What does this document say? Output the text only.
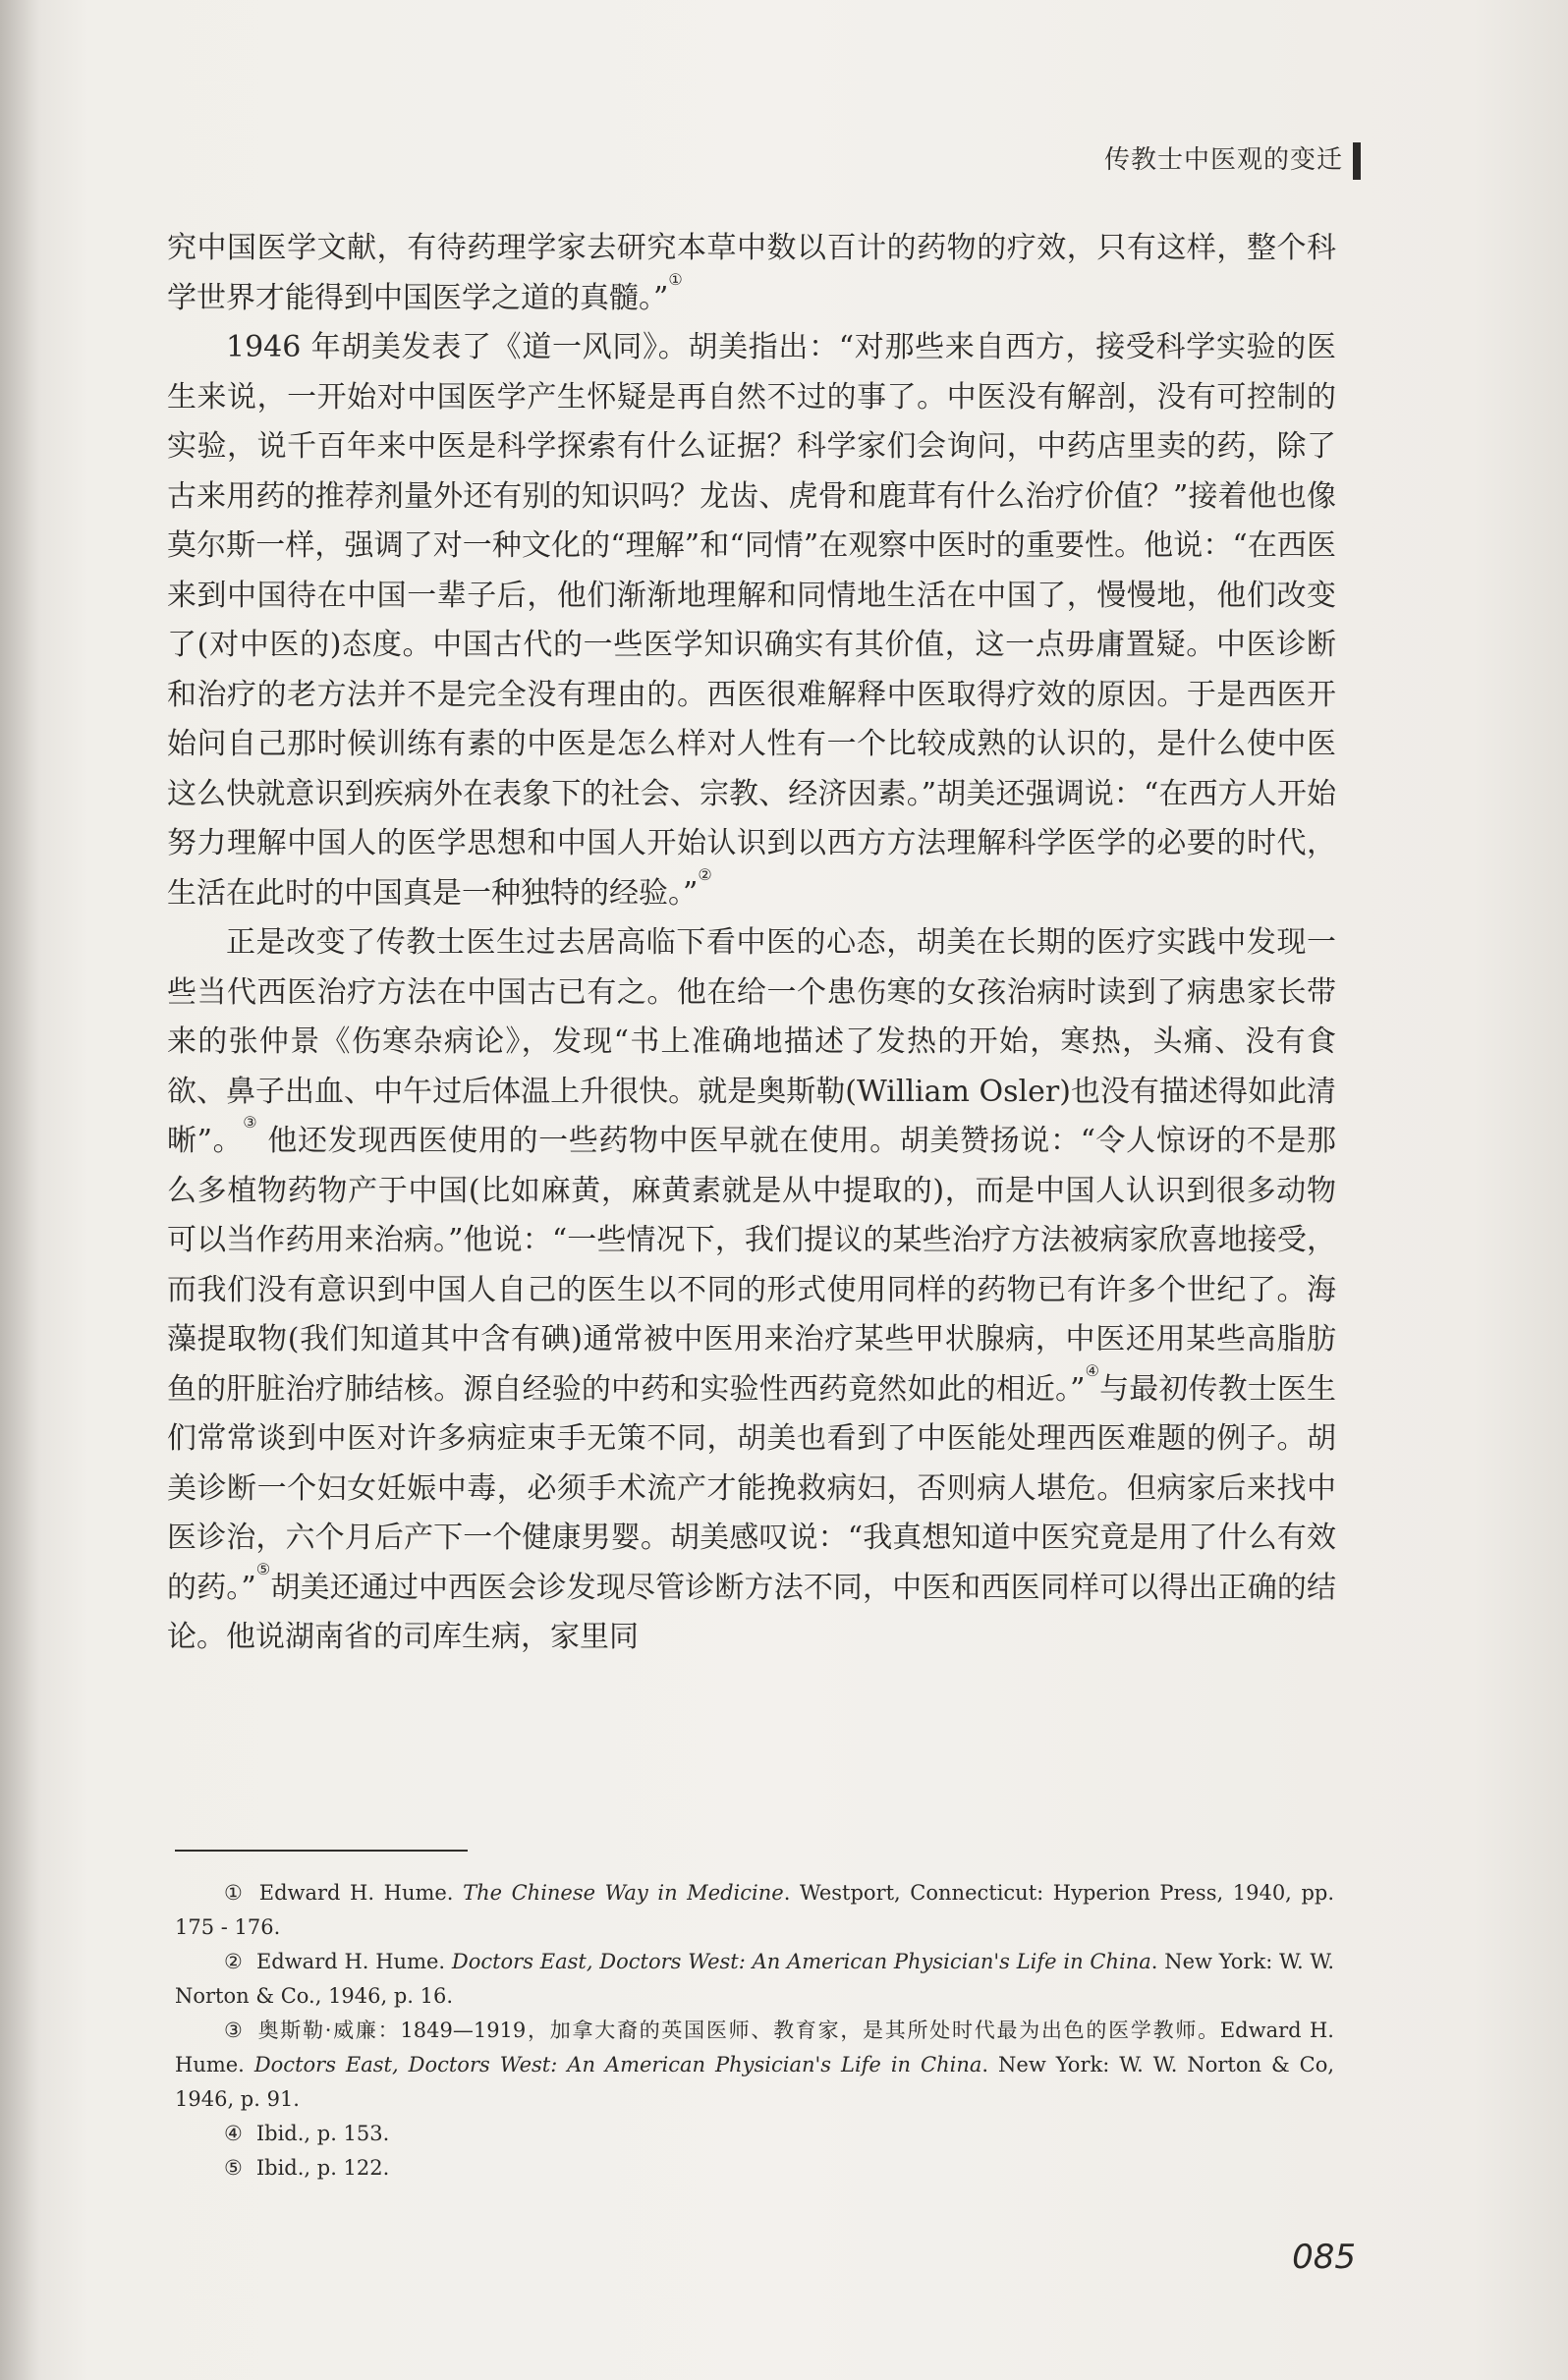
传教士中医观的变迁

究中国医学文献，有待药理学家去研究本草中数以百计的药物的疗效，只有这样，整个科学世界才能得到中国医学之道的真髓。”①

1946 年胡美发表了《道一风同》。胡美指出：“对那些来自西方，接受科学实验的医生来说，一开始对中国医学产生怀疑是再自然不过的事了。中医没有解剖，没有可控制的实验，说千百年来中医是科学探索有什么证据？科学家们会询问，中药店里卖的药，除了古来用药的推荐剂量外还有别的知识吗？龙齿、虎骨和鹿茸有什么治疗价值？”接着他也像莫尔斯一样，强调了对一种文化的“理解”和“同情”在观察中医时的重要性。他说：“在西医来到中国待在中国一辈子后，他们渐渐地理解和同情地生活在中国了，慢慢地，他们改变了(对中医的)态度。中国古代的一些医学知识确实有其价值，这一点毋庸置疑。中医诊断和治疗的老方法并不是完全没有理由的。西医很难解释中医取得疗效的原因。于是西医开始问自己那时候训练有素的中医是怎么样对人性有一个比较成熟的认识的，是什么使中医这么快就意识到疾病外在表象下的社会、宗教、经济因素。”胡美还强调说：“在西方人开始努力理解中国人的医学思想和中国人开始认识到以西方方法理解科学医学的必要的时代，生活在此时的中国真是一种独特的经验。”②

正是改变了传教士医生过去居高临下看中医的心态，胡美在长期的医疗实践中发现一些当代西医治疗方法在中国古已有之。他在给一个患伤寒的女孩治病时读到了病患家长带来的张仲景《伤寒杂病论》，发现“书上准确地描述了发热的开始，寒热，头痛、没有食欲、鼻子出血、中午过后体温上升很快。就是奥斯勒(William Osler)也没有描述得如此清晰”。③ 他还发现西医使用的一些药物中医早就在使用。胡美赞扬说：“令人惊讶的不是那么多植物药物产于中国(比如麻黄，麻黄素就是从中提取的)，而是中国人认识到很多动物可以当作药用来治病。”他说：“一些情况下，我们提议的某些治疗方法被病家欣喜地接受，而我们没有意识到中国人自己的医生以不同的形式使用同样的药物已有许多个世纪了。海藻提取物(我们知道其中含有碘)通常被中医用来治疗某些甲状腺病，中医还用某些高脂肪鱼的肝脏治疗肺结核。源自经验的中药和实验性西药竟然如此的相近。”④与最初传教士医生们常常谈到中医对许多病症束手无策不同，胡美也看到了中医能处理西医难题的例子。胡美诊断一个妇女妊娠中毒，必须手术流产才能挽救病妇，否则病人堪危。但病家后来找中医诊治，六个月后产下一个健康男婴。胡美感叹说：“我真想知道中医究竟是用了什么有效的药。”⑤胡美还通过中西医会诊发现尽管诊断方法不同，中医和西医同样可以得出正确的结论。他说湖南省的司库生病，家里同

① Edward H. Hume. The Chinese Way in Medicine. Westport, Connecticut: Hyperion Press, 1940, pp. 175 - 176.

② Edward H. Hume. Doctors East, Doctors West: An American Physician's Life in China. New York: W. W. Norton & Co., 1946, p. 16.

③ 奥斯勒·威廉：1849—1919，加拿大裔的英国医师、教育家，是其所处时代最为出色的医学教师。Edward H. Hume. Doctors East, Doctors West: An American Physician's Life in China. New York: W. W. Norton & Co, 1946, p. 91.

④ Ibid., p. 153.

⑤ Ibid., p. 122.

085
